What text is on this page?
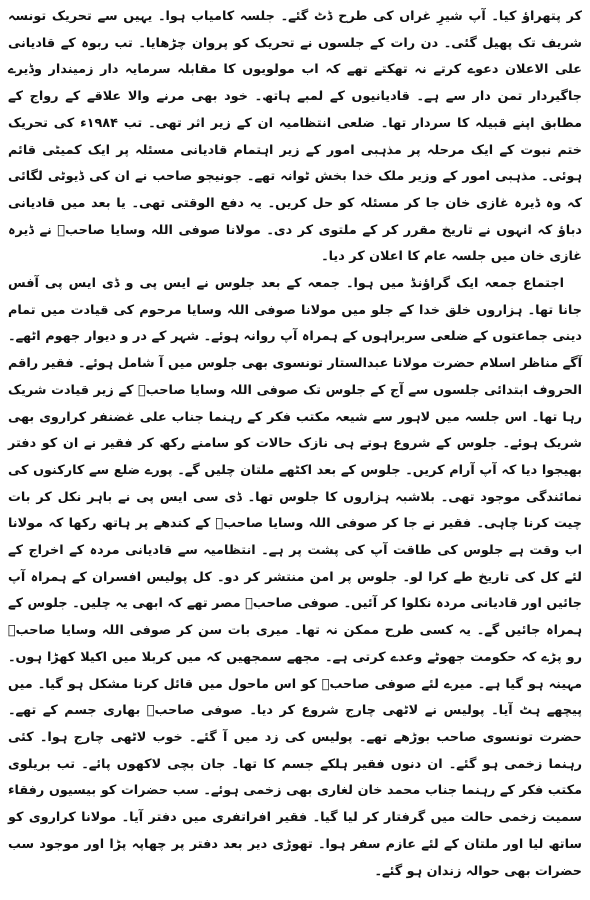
کر پتھراؤ کیا۔ آپ شیرِ غراں کی طرح ڈٹ گئے۔ جلسہ کامیاب ہوا۔ یہیں سے تحریک تونسہ شریف تک پھیل گئی۔ دن رات کے جلسوں نے تحریک کو پروان چڑھایا۔ تب ربوہ کے قادیانی علی الاعلان دعوے کرتے نہ تھکتے تھے کہ اب مولویوں کا مقابلہ سرمایہ دار زمیندار وڈیرے جاگیردار تمن دار سے ہے۔ قادیانیوں کے لمبے ہاتھ۔ خود بھی مرنے والا علاقے کے رواج کے مطابق اپنے قبیلہ کا سردار تھا۔ ضلعی انتظامیہ ان کے زیر اثر تھی۔ تب ۱۹۸۴ء کی تحریک ختم نبوت کے ایک مرحلہ پر مذہبی امور کے زیر اہتمام قادیانی مسئلہ پر ایک کمیٹی قائم ہوئی۔ مذہبی امور کے وزیر ملک خدا بخش ٹوانہ تھے۔ جونیجو صاحب نے ان کی ڈیوٹی لگائی کہ وہ ڈیرہ غازی خان جا کر مسئلہ کو حل کریں۔ یہ دفع الوقتی تھی۔ یا بعد میں قادیانی دباؤ کہ انہوں نے تاریخ مقرر کر کے ملتوی کر دی۔ مولانا صوفی اللہ وسایا صاحبؒ نے ڈیرہ غازی خان میں جلسہ عام کا اعلان کر دیا۔

اجتماع جمعہ ایک گراؤنڈ میں ہوا۔ جمعہ کے بعد جلوس نے ایس پی و ڈی ایس پی آفس جانا تھا۔ ہزاروں خلق خدا کے جلو میں مولانا صوفی اللہ وسایا مرحوم کی قیادت میں تمام دینی جماعتوں کے ضلعی سربراہوں کے ہمراہ آپ روانہ ہوئے۔ شہر کے در و دیوار جھوم اٹھے۔ آگے مناظر اسلام حضرت مولانا عبدالستار تونسوی بھی جلوس میں آ شامل ہوئے۔ فقیر راقم الحروف ابتدائی جلسوں سے آج کے جلوس تک صوفی اللہ وسایا صاحبؒ کے زیر قیادت شریک رہا تھا۔ اس جلسہ میں لاہور سے شیعہ مکتب فکر کے رہنما جناب علی غضنفر کراروی بھی شریک ہوئے۔ جلوس کے شروع ہوتے ہی نازک حالات کو سامنے رکھ کر فقیر نے ان کو دفتر بھیجوا دیا کہ آپ آرام کریں۔ جلوس کے بعد اکٹھے ملتان چلیں گے۔ پورے ضلع سے کارکنوں کی نمائندگی موجود تھی۔ بلاشبہ ہزاروں کا جلوس تھا۔ ڈی سی ایس پی نے باہر نکل کر بات چیت کرنا چاہی۔ فقیر نے جا کر صوفی اللہ وسایا صاحبؒ کے کندھے پر ہاتھ رکھا کہ مولانا اب وقت ہے جلوس کی طاقت آپ کی پشت پر ہے۔ انتظامیہ سے قادیانی مردہ کے اخراج کے لئے کل کی تاریخ طے کرا لو۔ جلوس پر امن منتشر کر دو۔ کل پولیس افسران کے ہمراہ آپ جائیں اور قادیانی مردہ نکلوا کر آئیں۔ صوفی صاحبؒ مصر تھے کہ ابھی یہ چلیں۔ جلوس کے ہمراہ جائیں گے۔ یہ کسی طرح ممکن نہ تھا۔ میری بات سن کر صوفی اللہ وسایا صاحبؒ رو پڑے کہ حکومت جھوٹے وعدے کرتی ہے۔ مجھے سمجھیں کہ میں کربلا میں اکیلا کھڑا ہوں۔ مہینہ ہو گیا ہے۔ میرے لئے صوفی صاحبؒ کو اس ماحول میں قائل کرنا مشکل ہو گیا۔ میں پیچھے ہٹ آیا۔ پولیس نے لاٹھی چارج شروع کر دیا۔ صوفی صاحبؒ بھاری جسم کے تھے۔ حضرت تونسوی صاحب بوڑھے تھے۔ پولیس کی زد میں آ گئے۔ خوب لاٹھی چارج ہوا۔ کئی رہنما زخمی ہو گئے۔ ان دنوں فقیر ہلکے جسم کا تھا۔ جان بچی لاکھوں پائے۔ تب بریلوی مکتب فکر کے رہنما جناب محمد خان لغاری بھی زخمی ہوئے۔ سب حضرات کو بیسیوں رفقاء سمیت زخمی حالت میں گرفتار کر لیا گیا۔ فقیر افراتفری میں دفتر آیا۔ مولانا کراروی کو ساتھ لیا اور ملتان کے لئے عازم سفر ہوا۔ تھوڑی دیر بعد دفتر پر چھاپہ پڑا اور موجود سب حضرات بھی حوالہ زندان ہو گئے۔
